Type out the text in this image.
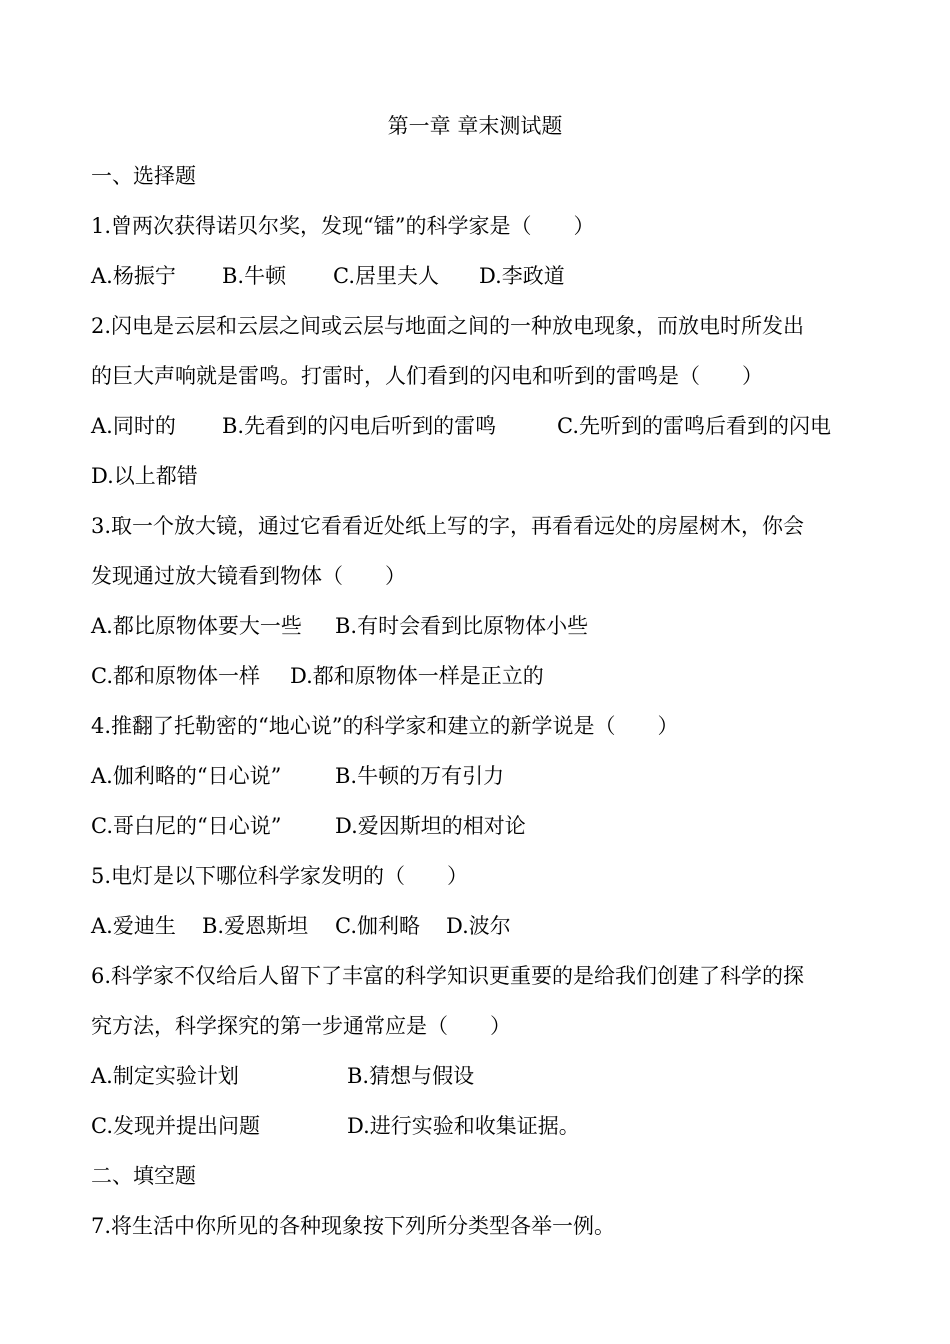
第一章 章末测试题
一、选择题
1.曾两次获得诺贝尔奖，发现“镭”的科学家是（　　）
A.杨振宁 B.牛顿 C.居里夫人 D.李政道
2.闪电是云层和云层之间或云层与地面之间的一种放电现象，而放电时所发出
的巨大声响就是雷鸣。打雷时，人们看到的闪电和听到的雷鸣是（　　）
A.同时的 B.先看到的闪电后听到的雷鸣	C.先听到的雷鸣后看到的闪电
D.以上都错
3.取一个放大镜，通过它看看近处纸上写的字，再看看远处的房屋树木，你会
发现通过放大镜看到物体（　　）
A.都比原物体要大一些 B.有时会看到比原物体小些
C.都和原物体一样 D.都和原物体一样是正立的
4.推翻了托勒密的“地心说”的科学家和建立的新学说是（　　）
A.伽利略的“日心说”	B.牛顿的万有引力
C.哥白尼的“日心说”	D.爱因斯坦的相对论
5.电灯是以下哪位科学家发明的（　　）
A.爱迪生 B.爱恩斯坦 C.伽利略 D.波尔
6.科学家不仅给后人留下了丰富的科学知识更重要的是给我们创建了科学的探
究方法，科学探究的第一步通常应是（　　）
A.制定实验计划	B.猜想与假设
C.发现并提出问题	D.进行实验和收集证据。
二、填空题
7.将生活中你所见的各种现象按下列所分类型各举一例。
